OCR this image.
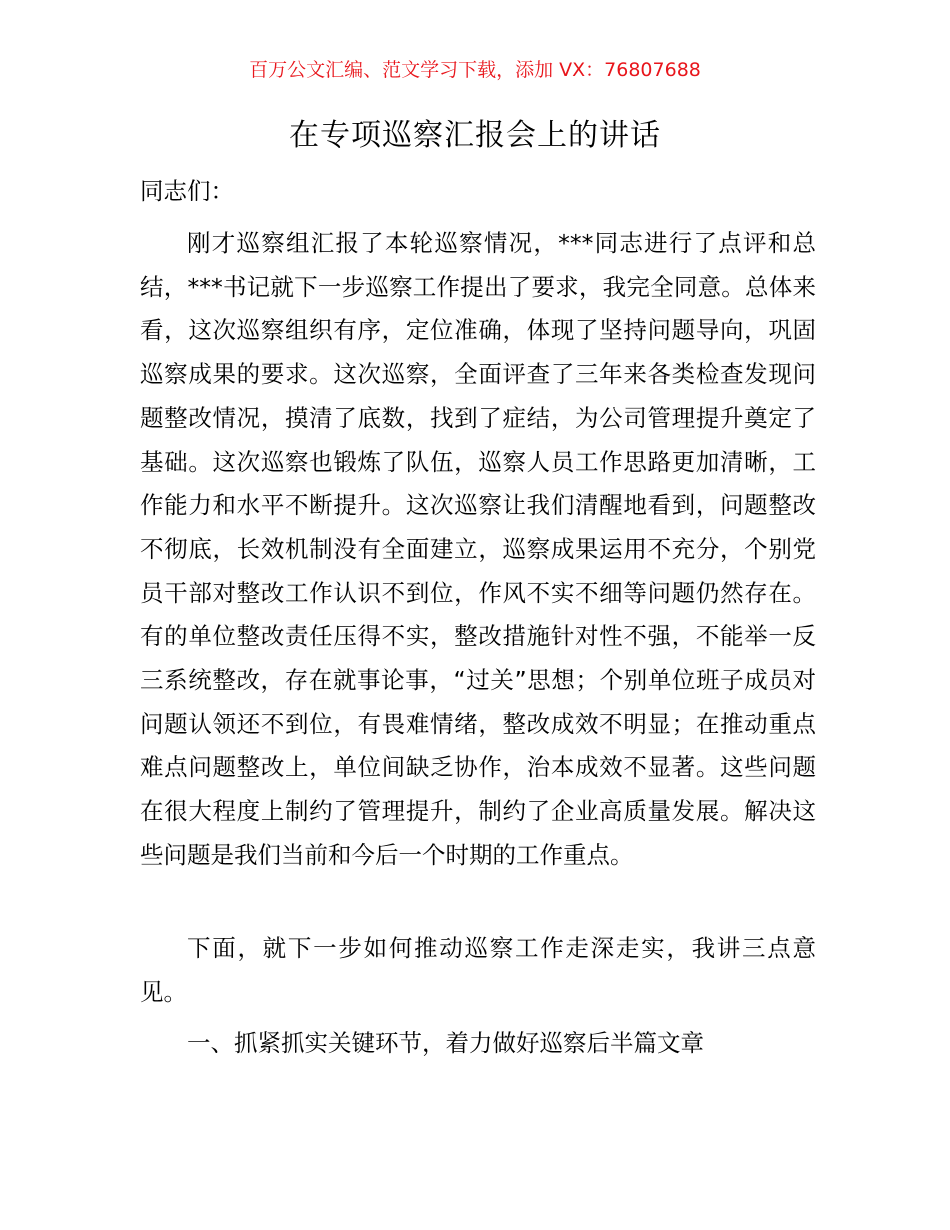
百万公文汇编、范文学习下载，添加 VX：76807688
在专项巡察汇报会上的讲话
同志们：
刚才巡察组汇报了本轮巡察情况，***同志进行了点评和总结，***书记就下一步巡察工作提出了要求，我完全同意。总体来看，这次巡察组织有序，定位准确，体现了坚持问题导向，巩固巡察成果的要求。这次巡察，全面评查了三年来各类检查发现问题整改情况，摸清了底数，找到了症结，为公司管理提升奠定了基础。这次巡察也锻炼了队伍，巡察人员工作思路更加清晰，工作能力和水平不断提升。这次巡察让我们清醒地看到，问题整改不彻底，长效机制没有全面建立，巡察成果运用不充分，个别党员干部对整改工作认识不到位，作风不实不细等问题仍然存在。有的单位整改责任压得不实，整改措施针对性不强，不能举一反三系统整改，存在就事论事，“过关”思想；个别单位班子成员对问题认领还不到位，有畏难情绪，整改成效不明显；在推动重点难点问题整改上，单位间缺乏协作，治本成效不显著。这些问题在很大程度上制约了管理提升，制约了企业高质量发展。解决这些问题是我们当前和今后一个时期的工作重点。
下面，就下一步如何推动巡察工作走深走实，我讲三点意见。
一、抓紧抓实关键环节，着力做好巡察后半篇文章
